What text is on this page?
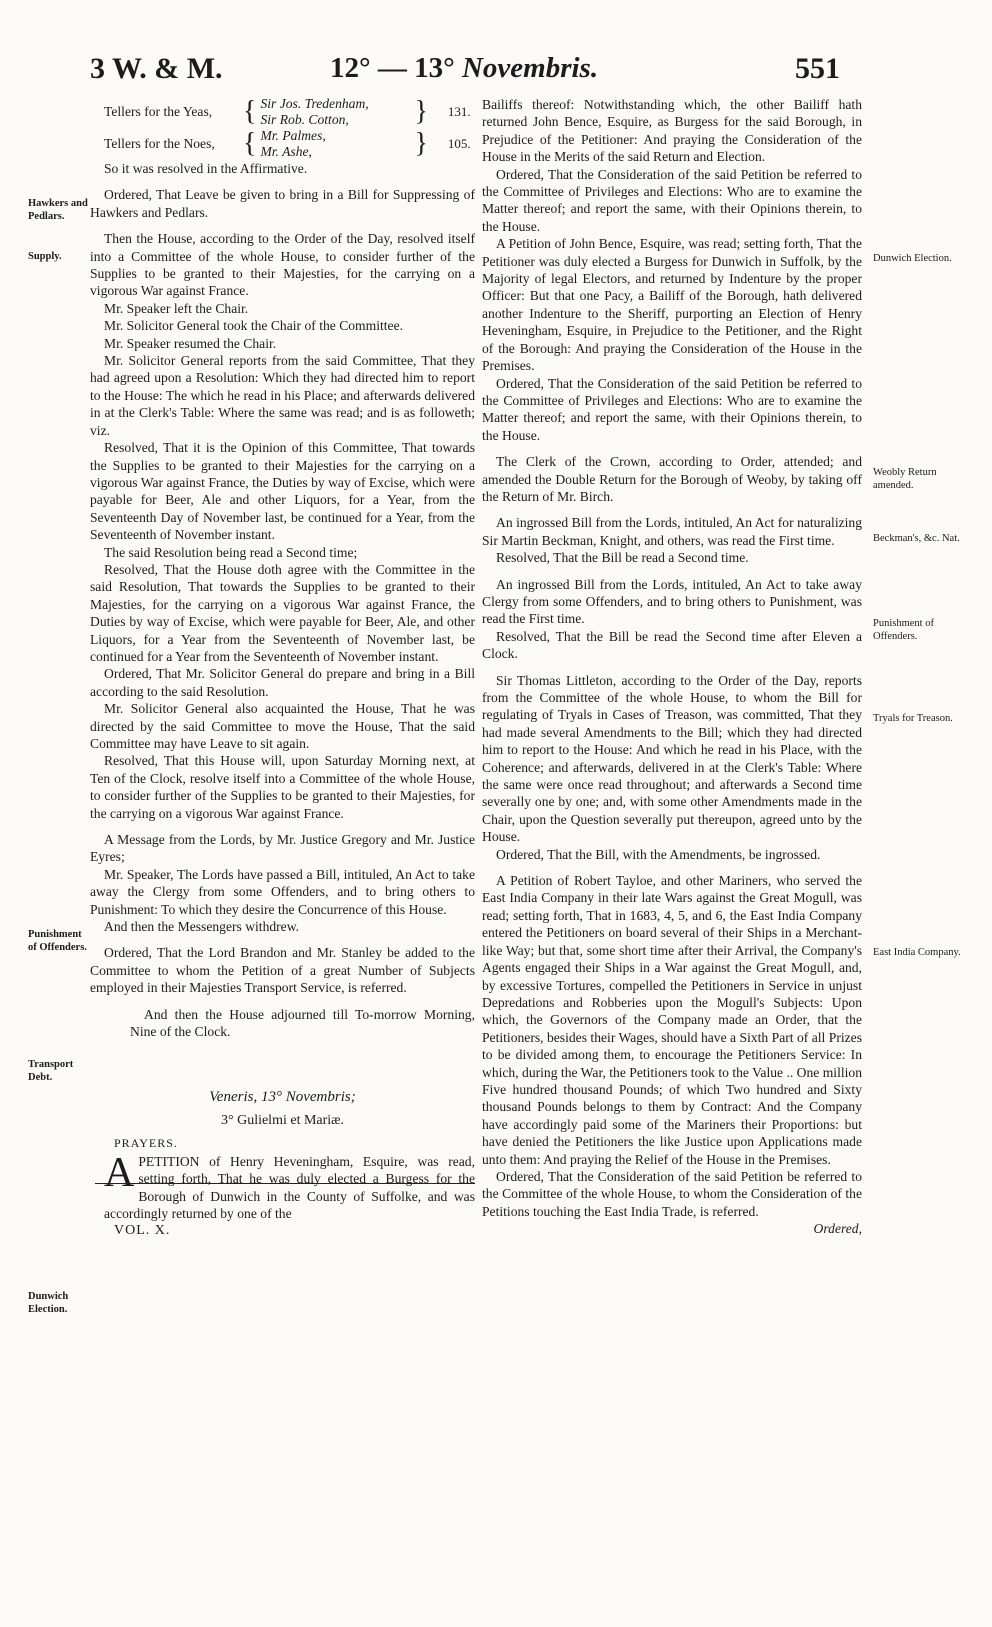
3 W. & M.	12° — 13° Novembris.	551
Hawkers and Pedlars.
Supply.
Punishment of Offenders.
Transport Debt.
Dunwich Election.
Dunwich Election.
Weobly Return amended.
Beckman's, &c. Nat.
Punishment of Offenders.
Tryals for Treason.
East India Company.
Tellers for the Yeas,	{ Sir Jos. Tredenham,
Sir Rob. Cotton,	} 131.
Tellers for the Noes,	{ Mr. Palmes,
Mr. Ashe,	} 105.

So it was resolved in the Affirmative.

Ordered, That Leave be given to bring in a Bill for Suppressing of Hawkers and Pedlars.

Then the House, according to the Order of the Day, resolved itself into a Committee of the whole House, to consider further of the Supplies to be granted to their Majesties, for the carrying on a vigorous War against France.

Mr. Speaker left the Chair.

Mr. Solicitor General took the Chair of the Committee.

Mr. Speaker resumed the Chair.

Mr. Solicitor General reports from the said Committee, That they had agreed upon a Resolution: Which they had directed him to report to the House: The which he read in his Place; and afterwards delivered in at the Clerk's Table: Where the same was read; and is as followeth; viz.

Resolved, That it is the Opinion of this Committee, That towards the Supplies to be granted to their Majesties for the carrying on a vigorous War against France, the Duties by way of Excise, which were payable for Beer, Ale and other Liquors, for a Year, from the Seventeenth Day of November last, be continued for a Year, from the Seventeenth of November instant.

The said Resolution being read a Second time;

Resolved, That the House doth agree with the Committee in the said Resolution, That towards the Supplies to be granted to their Majesties, for the carrying on a vigorous War against France, the Duties by way of Excise, which were payable for Beer, Ale, and other Liquors, for a Year from the Seventeenth of November last, be continued for a Year from the Seventeenth of November instant.

Ordered, That Mr. Solicitor General do prepare and bring in a Bill according to the said Resolution.

Mr. Solicitor General also acquainted the House, That he was directed by the said Committee to move the House, That the said Committee may have Leave to sit again.

Resolved, That this House will, upon Saturday Morning next, at Ten of the Clock, resolve itself into a Committee of the whole House, to consider further of the Supplies to be granted to their Majesties, for the carrying on a vigorous War against France.

A Message from the Lords, by Mr. Justice Gregory and Mr. Justice Eyres;

Mr. Speaker, The Lords have passed a Bill, intituled, An Act to take away the Clergy from some Offenders, and to bring others to Punishment: To which they desire the Concurrence of this House.

And then the Messengers withdrew.

Ordered, That the Lord Brandon and Mr. Stanley be added to the Committee to whom the Petition of a great Number of Subjects employed in their Majesties Transport Service, is referred.

And then the House adjourned till To-morrow Morning, Nine of the Clock.

Veneris, 13° Novembris;
3° Gulielmi et Mariæ.
PRAYERS.
A PETITION of Henry Heveningham, Esquire, was read, setting forth, That he was duly elected a Burgess for the Borough of Dunwich in the County of Suffolke, and was accordingly returned by one of the
VOL. X.

Bailiffs thereof: Notwithstanding which, the other Bailiff hath returned John Bence, Esquire, as Burgess for the said Borough, in Prejudice of the Petitioner: And praying the Consideration of the House in the Merits of the said Return and Election.

Ordered, That the Consideration of the said Petition be referred to the Committee of Privileges and Elections: Who are to examine the Matter thereof; and report the same, with their Opinions therein, to the House.

A Petition of John Bence, Esquire, was read; setting forth, That the Petitioner was duly elected a Burgess for Dunwich in Suffolk, by the Majority of legal Electors, and returned by Indenture by the proper Officer: But that one Pacy, a Bailiff of the Borough, hath delivered another Indenture to the Sheriff, purporting an Election of Henry Heveningham, Esquire, in Prejudice to the Petitioner, and the Right of the Borough: And praying the Consideration of the House in the Premises.

Ordered, That the Consideration of the said Petition be referred to the Committee of Privileges and Elections: Who are to examine the Matter thereof; and report the same, with their Opinions therein, to the House.

The Clerk of the Crown, according to Order, attended; and amended the Double Return for the Borough of Weoby, by taking off the Return of Mr. Birch.

An ingrossed Bill from the Lords, intituled, An Act for naturalizing Sir Martin Beckman, Knight, and others, was read the First time.

Resolved, That the Bill be read a Second time.

An ingrossed Bill from the Lords, intituled, An Act to take away Clergy from some Offenders, and to bring others to Punishment, was read the First time.

Resolved, That the Bill be read the Second time after Eleven a Clock.

Sir Thomas Littleton, according to the Order of the Day, reports from the Committee of the whole House, to whom the Bill for regulating of Tryals in Cases of Treason, was committed, That they had made several Amendments to the Bill; which they had directed him to report to the House: And which he read in his Place, with the Coherence; and afterwards, delivered in at the Clerk's Table: Where the same were once read throughout; and afterwards a Second time severally one by one; and, with some other Amendments made in the Chair, upon the Question severally put thereupon, agreed unto by the House.

Ordered, That the Bill, with the Amendments, be ingrossed.

A Petition of Robert Tayloe, and other Mariners, who served the East India Company in their late Wars against the Great Mogull, was read; setting forth, That in 1683, 4, 5, and 6, the East India Company entered the Petitioners on board several of their Ships in a Merchant-like Way; but that, some short time after their Arrival, the Company's Agents engaged their Ships in a War against the Great Mogull, and, by excessive Tortures, compelled the Petitioners in Service in unjust Depredations and Robberies upon the Mogull's Subjects: Upon which, the Governors of the Company made an Order, that the Petitioners, besides their Wages, should have a Sixth Part of all Prizes to be divided among them, to encourage the Petitioners Service: In which, during the War, the Petitioners took to the Value .. One million Five hundred thousand Pounds; of which Two hundred and Sixty thousand Pounds belongs to them by Contract: And the Company have accordingly paid some of the Mariners their Proportions: but have denied the Petitioners the like Justice upon Applications made unto them: And praying the Relief of the House in the Premises.

Ordered, That the Consideration of the said Petition be referred to the Committee of the whole House, to whom the Consideration of the Petitions touching the East India Trade, is referred.

Ordered,
